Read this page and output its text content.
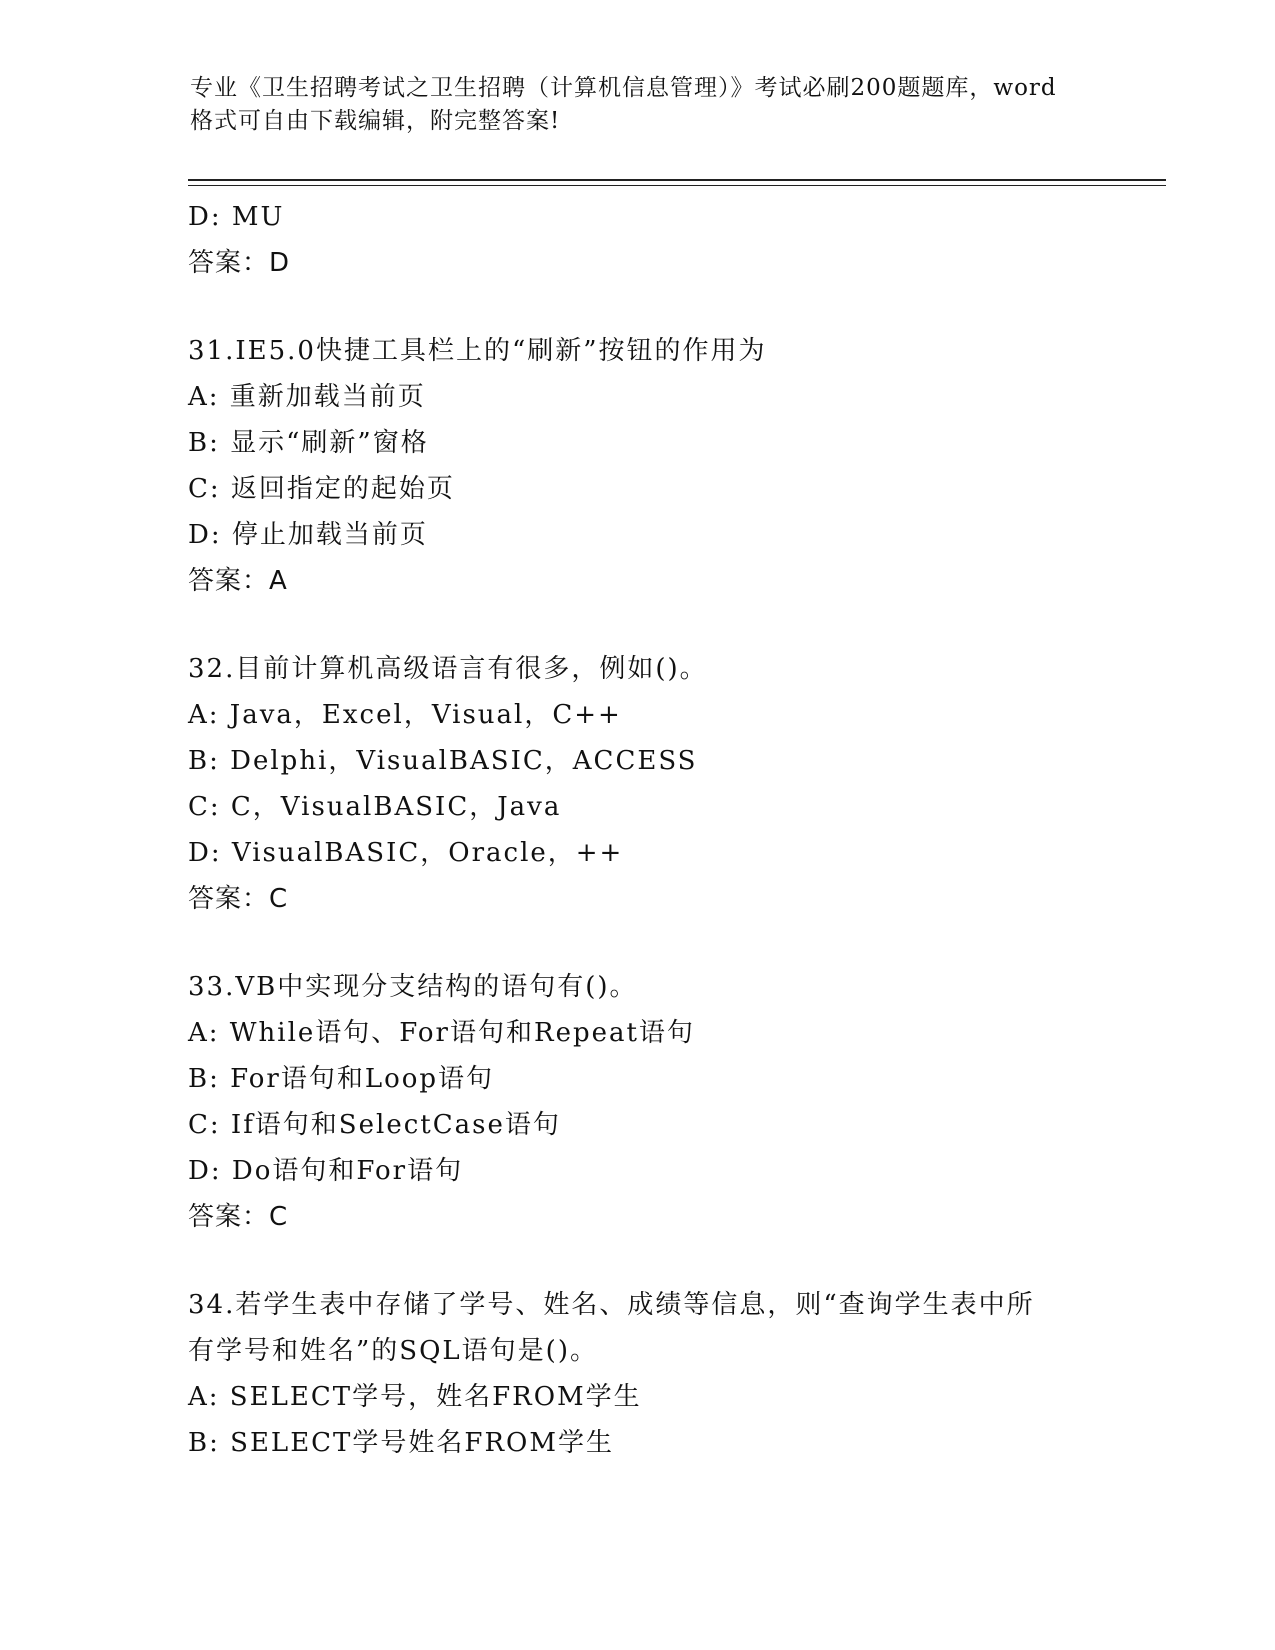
专业《卫生招聘考试之卫生招聘（计算机信息管理）》考试必刷200题题库，word
格式可自由下载编辑，附完整答案!
D: MU
答案：D
31.IE5.0快捷工具栏上的“刷新”按钮的作用为
A: 重新加载当前页
B: 显示“刷新”窗格
C: 返回指定的起始页
D: 停止加载当前页
答案：A
32.目前计算机高级语言有很多，例如()。
A: Java，Excel，Visual，C++
B: Delphi，VisualBASIC，ACCESS
C: C，VisualBASIC，Java
D: VisualBASIC，Oracle，++
答案：C
33.VB中实现分支结构的语句有()。
A: While语句、For语句和Repeat语句
B: For语句和Loop语句
C: If语句和SelectCase语句
D: Do语句和For语句
答案：C
34.若学生表中存储了学号、姓名、成绩等信息，则“查询学生表中所
有学号和姓名”的SQL语句是()。
A: SELECT学号，姓名FROM学生
B: SELECT学号姓名FROM学生
